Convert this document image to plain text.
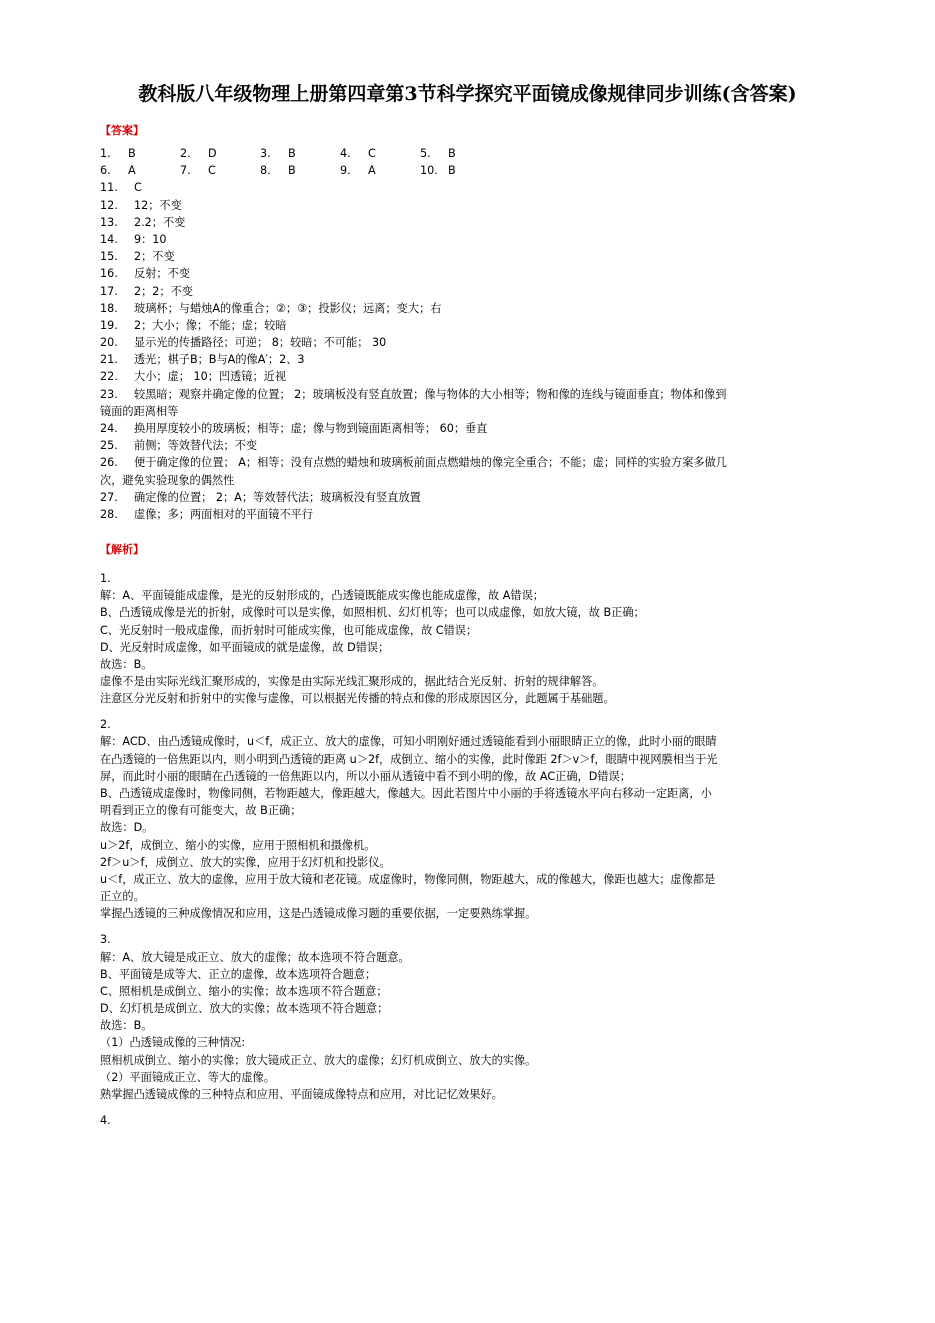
教科版八年级物理上册第四章第3节科学探究平面镜成像规律同步训练(含答案)
【答案】
1. B	2. D	3. B	4. C	5. B
6. A	7. C	8. B	9. A	10. B
11. C
12. 12；不变
13. 2.2；不变
14. 9：10
15. 2；不变
16. 反射；不变
17. 2；2；不变
18. 玻璃杯；与蜡烛A的像重合；②；③；投影仪；远离；变大；右
19. 2；大小；像；不能；虚；较暗
20. 显示光的传播路径；可逆； 8；较暗；不可能； 30
21. 透光；棋子B；B与A的像A′；2、3
22. 大小；虚； 10；凹透镜；近视
23. 较黑暗；观察并确定像的位置； 2；玻璃板没有竖直放置；像与物体的大小相等；物和像的连线与镜面垂直；物体和像到
镜面的距离相等
24. 换用厚度较小的玻璃板；相等；虚；像与物到镜面距离相等； 60；垂直
25. 前侧；等效替代法；不变
26. 便于确定像的位置； A；相等；没有点燃的蜡烛和玻璃板前面点燃蜡烛的像完全重合；不能；虚；同样的实验方案多做几
次，避免实验现象的偶然性
27. 确定像的位置； 2；A；等效替代法；玻璃板没有竖直放置
28. 虚像；多；两面相对的平面镜不平行
【解析】
1.
解：A、平面镜能成虚像，是光的反射形成的，凸透镜既能成实像也能成虚像，故 A错误；
B、凸透镜成像是光的折射，成像时可以是实像，如照相机、幻灯机等；也可以成虚像，如放大镜，故 B正确；
C、光反射时一般成虚像，而折射时可能成实像，也可能成虚像，故 C错误；
D、光反射时成虚像，如平面镜成的就是虚像，故 D错误；
故选：B。
虚像不是由实际光线汇聚形成的，实像是由实际光线汇聚形成的，据此结合光反射、折射的规律解答。
注意区分光反射和折射中的实像与虚像，可以根据光传播的特点和像的形成原因区分，此题属于基础题。
2.
解：ACD、由凸透镜成像时，u＜f，成正立、放大的虚像，可知小明刚好通过透镜能看到小丽眼睛正立的像，此时小丽的眼睛
在凸透镜的一倍焦距以内，则小明到凸透镜的距离 u＞2f，成倒立、缩小的实像，此时像距 2f＞v＞f，眼睛中视网膜相当于光
屏，而此时小丽的眼睛在凸透镜的一倍焦距以内，所以小丽从透镜中看不到小明的像，故 AC正确，D错误；
B、凸透镜成虚像时，物像同侧，若物距越大，像距越大，像越大。因此若图片中小丽的手将透镜水平向右移动一定距离，小
明看到正立的像有可能变大，故 B正确；
故选：D。
u＞2f，成倒立、缩小的实像，应用于照相机和摄像机。
2f＞u＞f，成倒立、放大的实像，应用于幻灯机和投影仪。
u＜f，成正立、放大的虚像，应用于放大镜和老花镜。成虚像时，物像同侧，物距越大，成的像越大，像距也越大；虚像都是
正立的。
掌握凸透镜的三种成像情况和应用，这是凸透镜成像习题的重要依据，一定要熟练掌握。
3.
解：A、放大镜是成正立、放大的虚像；故本选项不符合题意。
B、平面镜是成等大、正立的虚像，故本选项符合题意；
C、照相机是成倒立、缩小的实像；故本选项不符合题意；
D、幻灯机是成倒立、放大的实像；故本选项不符合题意；
故选：B。
（1）凸透镜成像的三种情况:
照相机成倒立、缩小的实像；放大镜成正立、放大的虚像；幻灯机成倒立、放大的实像。
（2）平面镜成正立、等大的虚像。
熟掌握凸透镜成像的三种特点和应用、平面镜成像特点和应用，对比记忆效果好。
4.
